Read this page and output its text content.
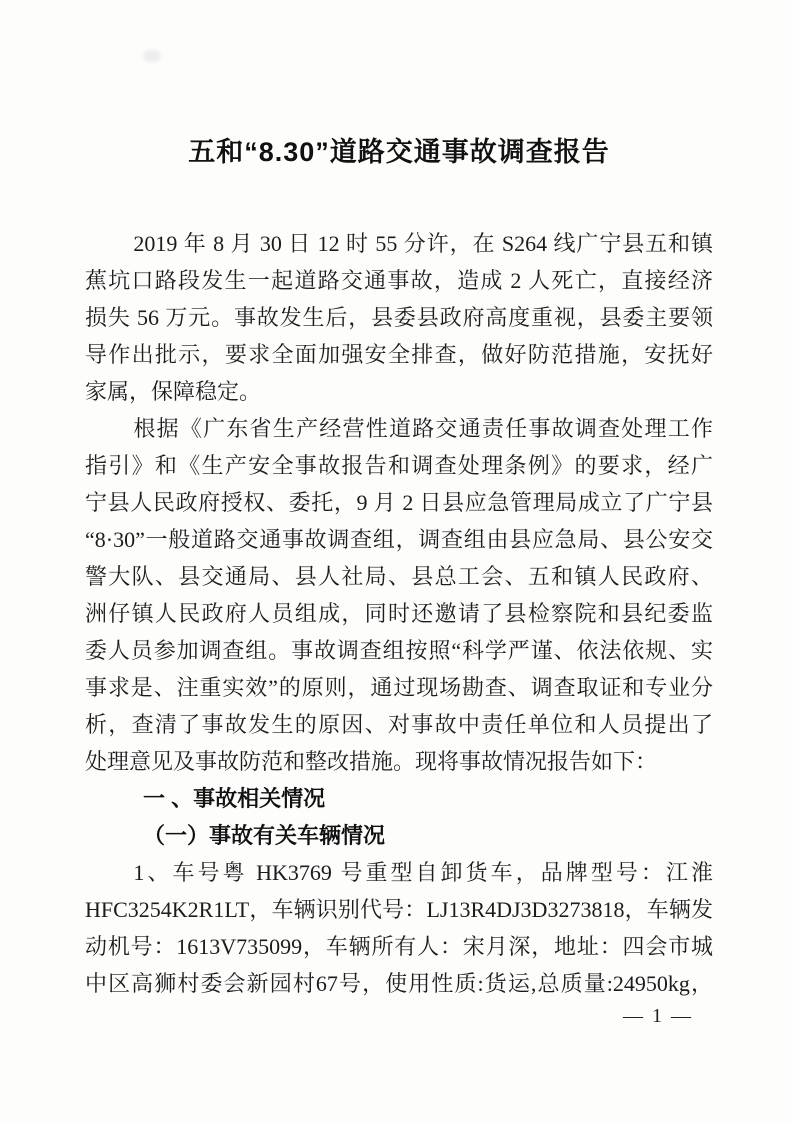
五和“8.30”道路交通事故调查报告
2019 年 8 月 30 日 12 时 55 分许，在 S264 线广宁县五和镇
蕉坑口路段发生一起道路交通事故，造成 2 人死亡，直接经济
损失 56 万元。事故发生后，县委县政府高度重视，县委主要领
导作出批示，要求全面加强安全排查，做好防范措施，安抚好
家属，保障稳定。
根据《广东省生产经营性道路交通责任事故调查处理工作
指引》和《生产安全事故报告和调查处理条例》的要求，经广
宁县人民政府授权、委托，9 月 2 日县应急管理局成立了广宁县
“8·30”一般道路交通事故调查组，调查组由县应急局、县公安交
警大队、县交通局、县人社局、县总工会、五和镇人民政府、
洲仔镇人民政府人员组成，同时还邀请了县检察院和县纪委监
委人员参加调查组。事故调查组按照“科学严谨、依法依规、实
事求是、注重实效”的原则，通过现场勘查、调查取证和专业分
析，查清了事故发生的原因、对事故中责任单位和人员提出了
处理意见及事故防范和整改措施。现将事故情况报告如下：
一 、事故相关情况
（一）事故有关车辆情况
1、车号粤 HK3769 号重型自卸货车，品牌型号：江淮
HFC3254K2R1LT，车辆识别代号：LJ13R4DJ3D3273818，车辆发
动机号：1613V735099，车辆所有人：宋月深，地址：四会市城
中区高狮村委会新园村67号，使用性质:货运,总质量:24950kg，
— 1 —
